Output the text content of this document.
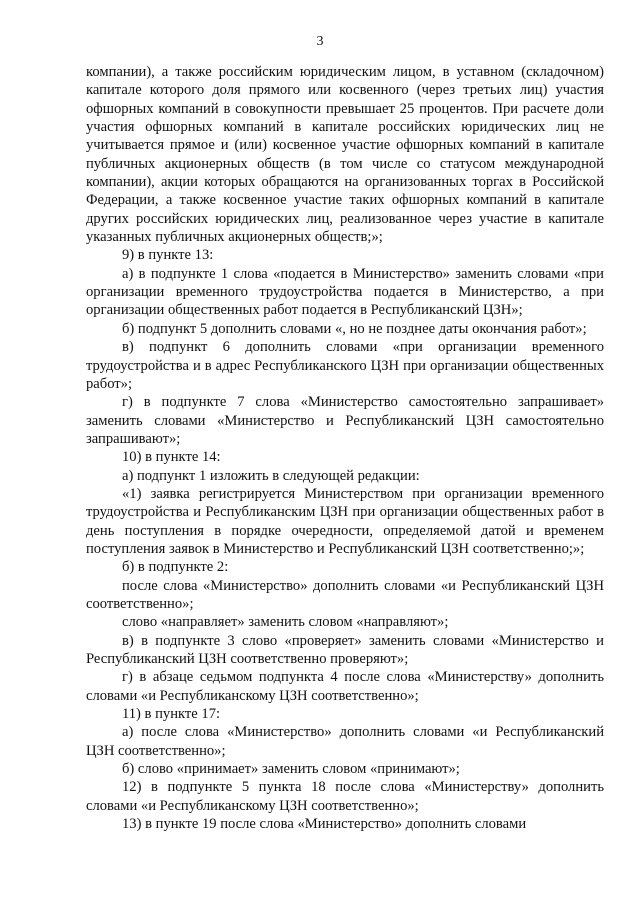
3

компании), а также российским юридическим лицом, в уставном (складочном) капитале которого доля прямого или косвенного (через третьих лиц) участия офшорных компаний в совокупности превышает 25 процентов. При расчете доли участия офшорных компаний в капитале российских юридических лиц не учитывается прямое и (или) косвенное участие офшорных компаний в капитале публичных акционерных обществ (в том числе со статусом международной компании), акции которых обращаются на организованных торгах в Российской Федерации, а также косвенное участие таких офшорных компаний в капитале других российских юридических лиц, реализованное через участие в капитале указанных публичных акционерных обществ;»;

9) в пункте 13:

а) в подпункте 1 слова «подается в Министерство» заменить словами «при организации временного трудоустройства подается в Министерство, а при организации общественных работ подается в Республиканский ЦЗН»;

б) подпункт 5 дополнить словами «, но не позднее даты окончания работ»;

в) подпункт 6 дополнить словами «при организации временного трудоустройства и в адрес Республиканского ЦЗН при организации общественных работ»;

г) в подпункте 7 слова «Министерство самостоятельно запрашивает» заменить словами «Министерство и Республиканский ЦЗН самостоятельно запрашивают»;

10) в пункте 14:

а) подпункт 1 изложить в следующей редакции:

«1) заявка регистрируется Министерством при организации временного трудоустройства и Республиканским ЦЗН при организации общественных работ в день поступления в порядке очередности, определяемой датой и временем поступления заявок в Министерство и Республиканский ЦЗН соответственно;»;

б) в подпункте 2:

после слова «Министерство» дополнить словами «и Республиканский ЦЗН соответственно»;

слово «направляет» заменить словом «направляют»;

в) в подпункте 3 слово «проверяет» заменить словами «Министерство и Республиканский ЦЗН соответственно проверяют»;

г) в абзаце седьмом подпункта 4 после слова «Министерству» дополнить словами «и Республиканскому ЦЗН соответственно»;

11) в пункте 17:

а) после слова «Министерство» дополнить словами «и Республиканский ЦЗН соответственно»;

б) слово «принимает» заменить словом «принимают»;

12) в подпункте 5 пункта 18 после слова «Министерству» дополнить словами «и Республиканскому ЦЗН соответственно»;

13) в пункте 19 после слова «Министерство» дополнить словами
